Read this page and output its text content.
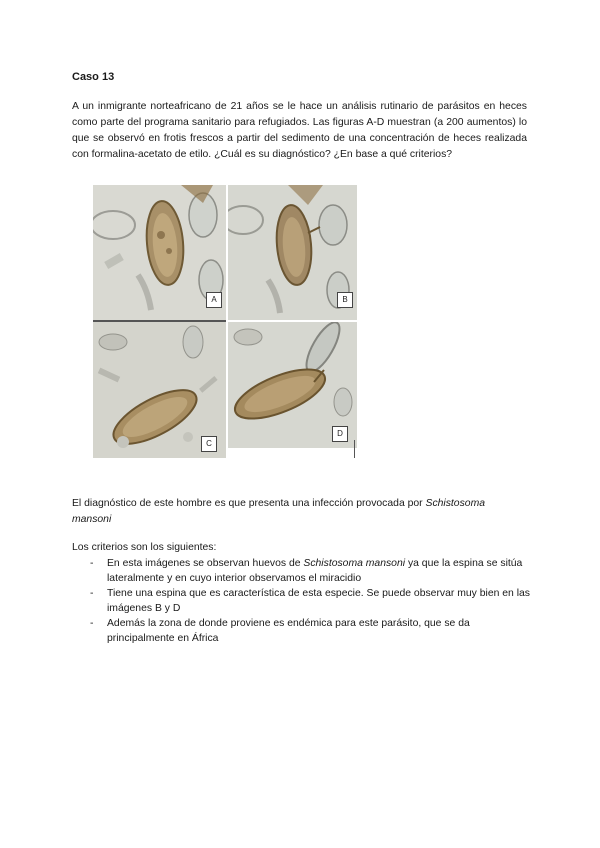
Caso 13

A un inmigrante norteafricano de 21 años se le hace un análisis rutinario de parásitos en heces como parte del programa sanitario para refugiados. Las figuras A-D muestran (a 200 aumentos) lo que se observó en frotis frescos a partir del sedimento de una concentración de heces realizada con formalina-acetato de etilo. ¿Cuál es su diagnóstico? ¿En base a qué criterios?

A	B
C
D

El diagnóstico de este hombre es que presenta una infección provocada por Schistosoma mansoni

Los criterios son los siguientes:

- En esta imágenes se observan huevos de Schistosoma mansoni ya que la espina se sitúa lateralmente y en cuyo interior observamos el miracidio
- Tiene una espina que es característica de esta especie. Se puede observar muy bien en las imágenes B y D
- Además la zona de donde proviene es endémica para este parásito, que se da principalmente en África
